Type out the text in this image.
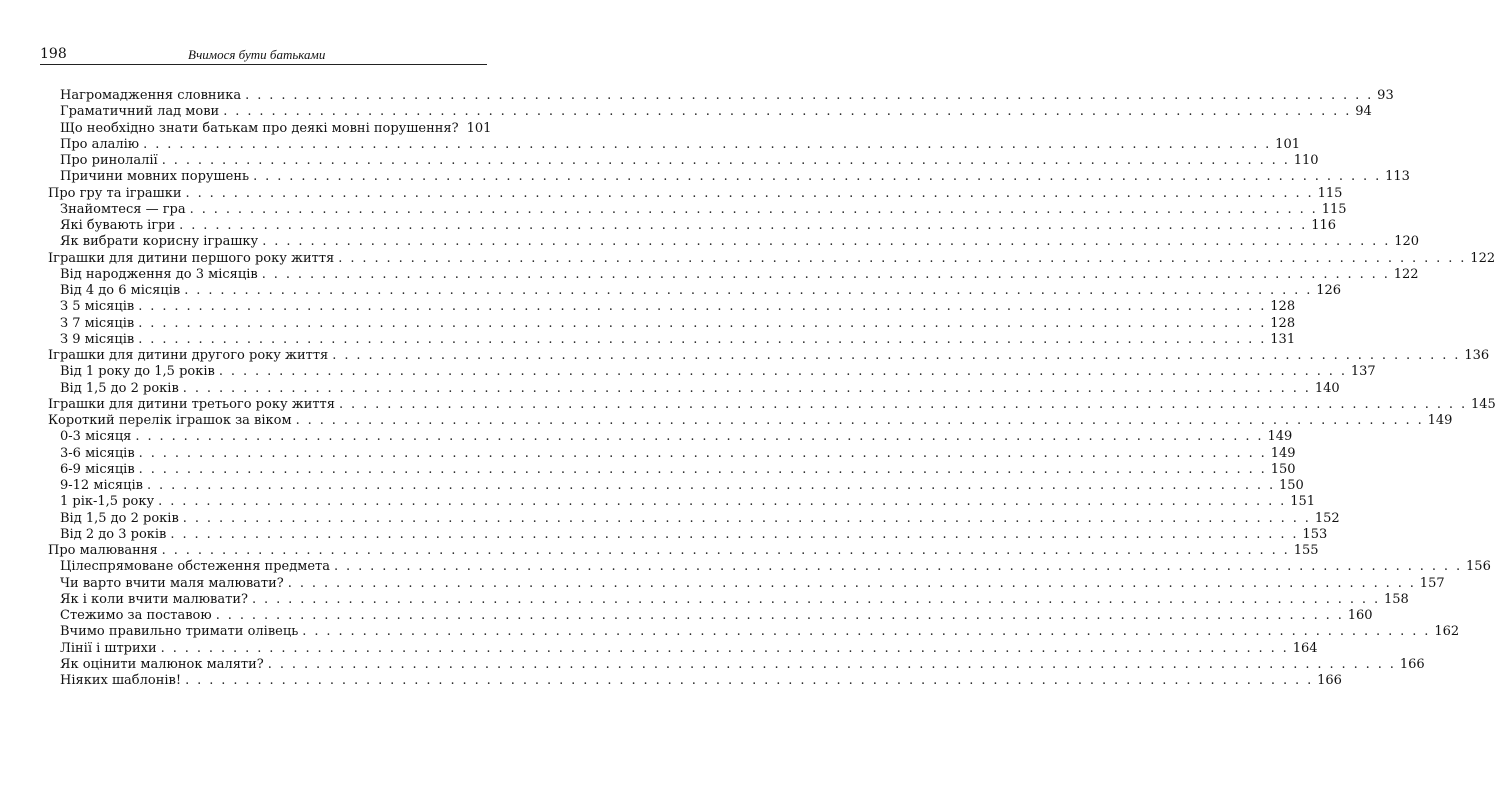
198	Вчимося бути батьками
Нагромадження словника . . .	93
Граматичний лад мови . . .	94
Що необхідно знати батькам про деякі мовні порушення? 101
Про алалію . . .	101
Про ринолалії . . .	110
Причини мовних порушень . . .	113
Про гру та іграшки . . .	115
Знайомтеся — гра . . .	115
Які бувають ігри . . .	116
Як вибрати корисну іграшку . . .	120
Іграшки для дитини першого року життя . . .	122
Від народження до 3 місяців . . .	122
Від 4 до 6 місяців . . .	126
З 5 місяців . . .	128
З 7 місяців . . .	128
З 9 місяців . . .	131
Іграшки для дитини другого року життя . . .	136
Від 1 року до 1,5 років . . .	137
Від 1,5 до 2 років . . .	140
Іграшки для дитини третього року життя . . .	145
Короткий перелік іграшок за віком . . .	149
0-3 місяця . . .	149
3-6 місяців . . .	149
6-9 місяців . . .	150
9-12 місяців . . .	150
1 рік-1,5 року . . .	151
Від 1,5 до 2 років . . .	152
Від 2 до 3 років . . .	153
Про малювання . . .	155
Цілеспрямоване обстеження предмета . . .	156
Чи варто вчити маля малювати? . . .	157
Як і коли вчити малювати? . . .	158
Стежимо за поставою . . .	160
Вчимо правильно тримати олівець . . .	162
Лінії і штрихи . . .	164
Як оцінити малюнок маляти? . . .	166
Ніяких шаблонів! . . .	166
